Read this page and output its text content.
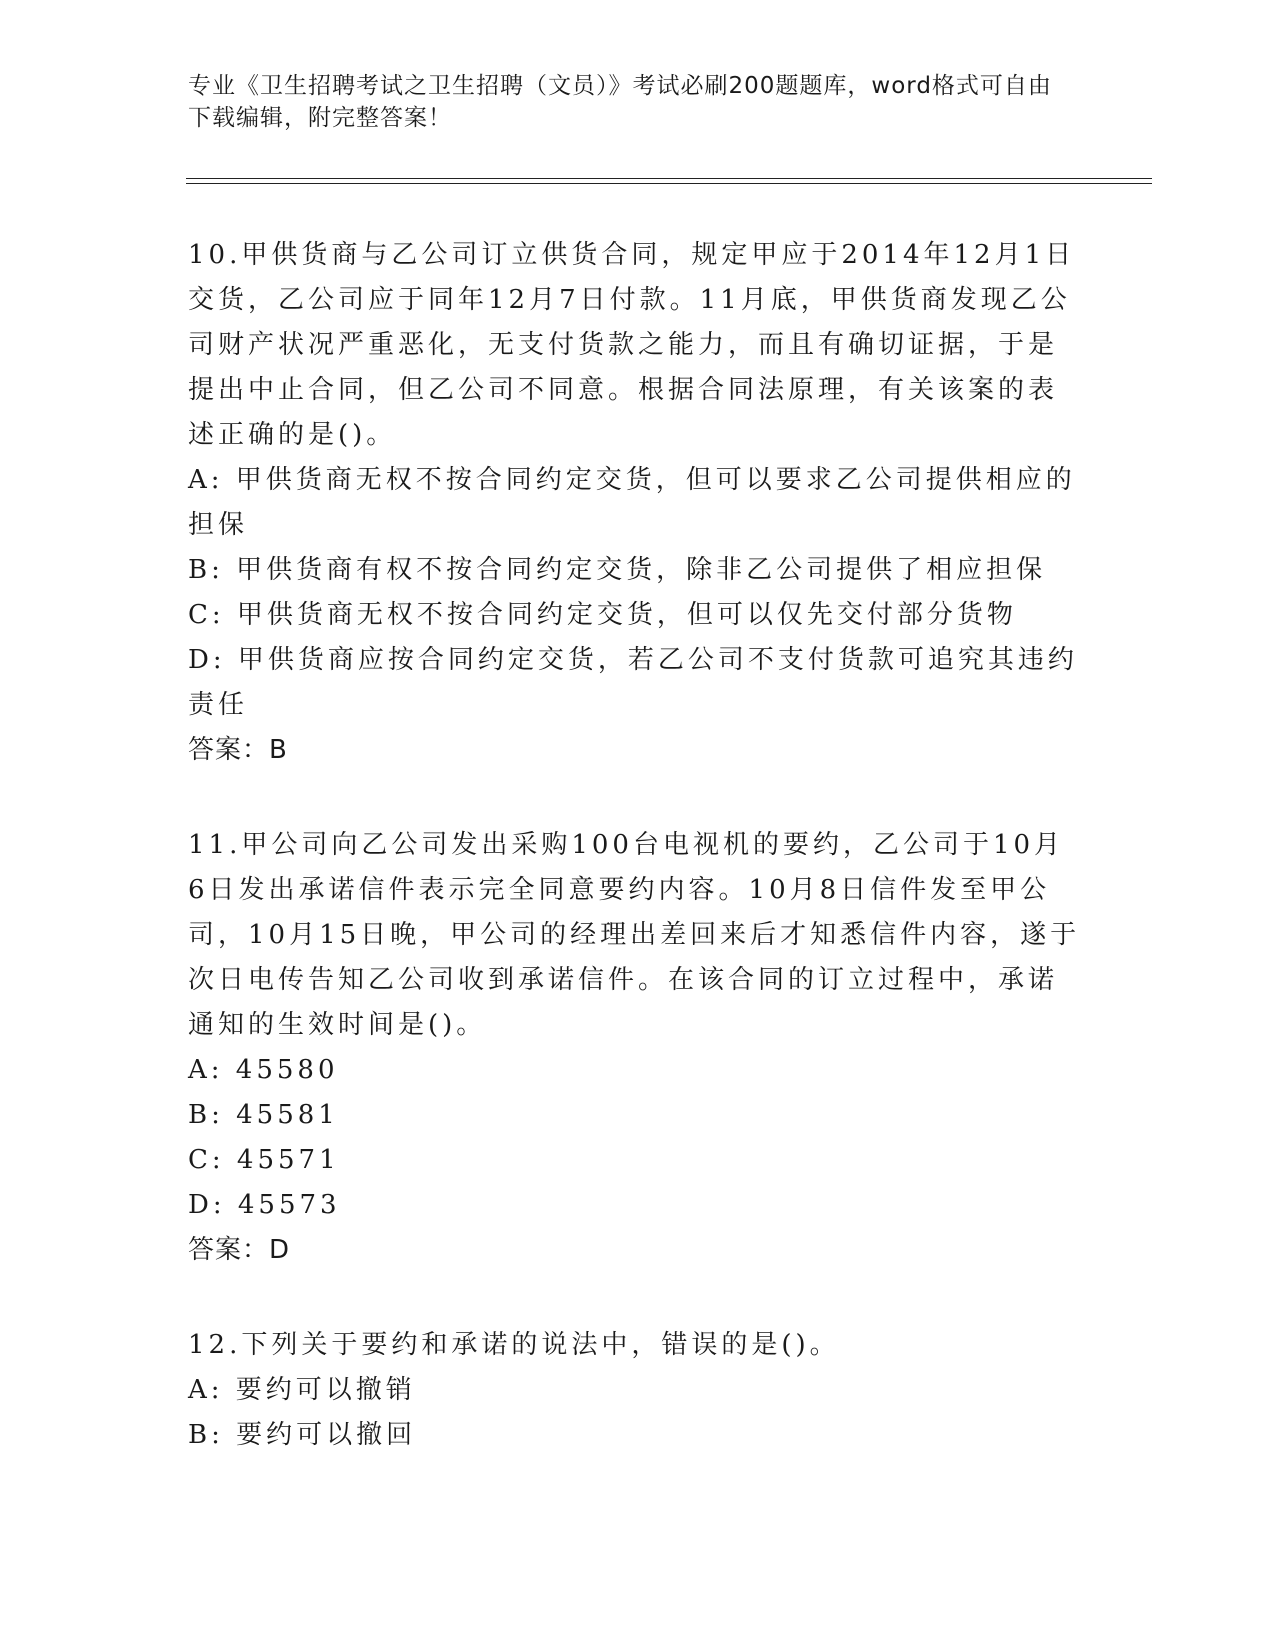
专业《卫生招聘考试之卫生招聘（文员）》考试必刷200题题库，word格式可自由下载编辑，附完整答案！

10.甲供货商与乙公司订立供货合同，规定甲应于2014年12月1日交货，乙公司应于同年12月7日付款。11月底，甲供货商发现乙公司财产状况严重恶化，无支付货款之能力，而且有确切证据，于是提出中止合同，但乙公司不同意。根据合同法原理，有关该案的表述正确的是()。

A: 甲供货商无权不按合同约定交货，但可以要求乙公司提供相应的担保

B: 甲供货商有权不按合同约定交货，除非乙公司提供了相应担保

C: 甲供货商无权不按合同约定交货，但可以仅先交付部分货物

D: 甲供货商应按合同约定交货，若乙公司不支付货款可追究其违约责任

答案：B

11.甲公司向乙公司发出采购100台电视机的要约，乙公司于10月6日发出承诺信件表示完全同意要约内容。10月8日信件发至甲公司，10月15日晚，甲公司的经理出差回来后才知悉信件内容，遂于次日电传告知乙公司收到承诺信件。在该合同的订立过程中，承诺通知的生效时间是()。

A: 45580

B: 45581

C: 45571

D: 45573

答案：D

12.下列关于要约和承诺的说法中，错误的是()。

A: 要约可以撤销

B: 要约可以撤回
